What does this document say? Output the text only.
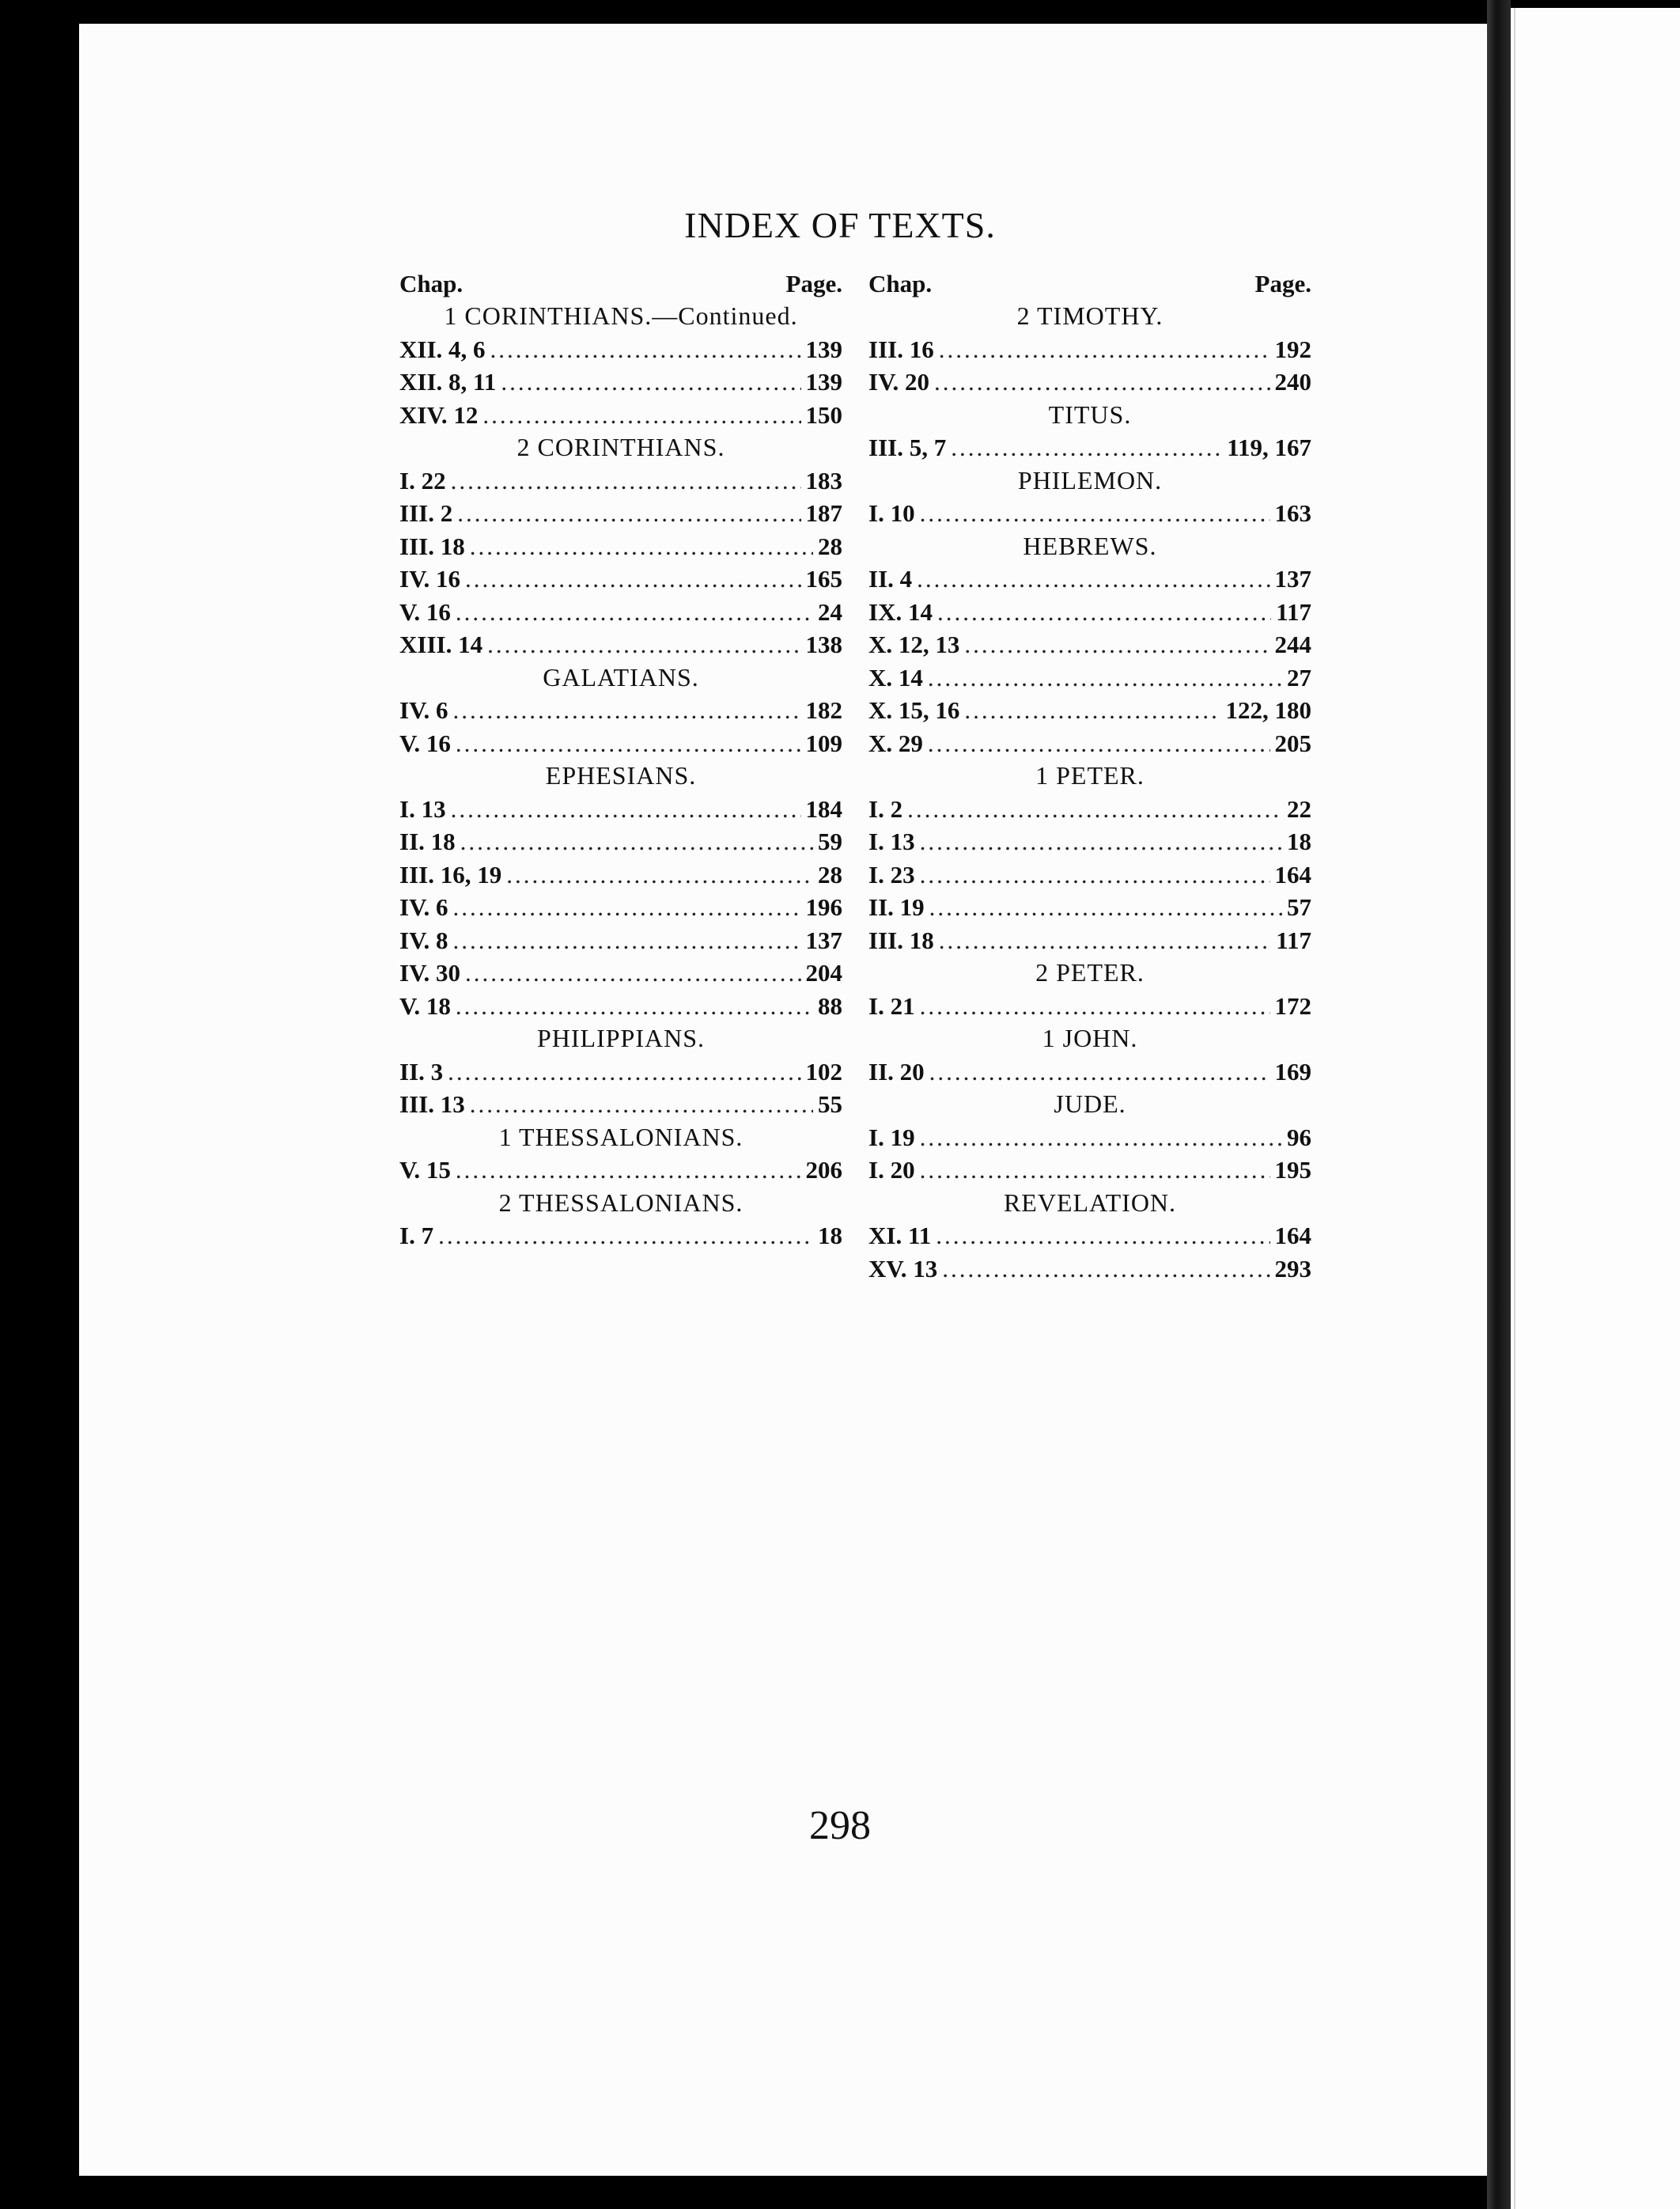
INDEX OF TEXTS.
Chap.	Page.
1 CORINTHIANS.—Continued.
XII. 4, 6 .....	139
XII. 8, 11 .....	139
XIV. 12 .....	150
2 CORINTHIANS.
I. 22 .....	183
III. 2 .....	187
III. 18 .....	28
IV. 16 .....	165
V. 16 .....	24
XIII. 14 .....	138
GALATIANS.
IV. 6 .....	182
V. 16 .....	109
EPHESIANS.
I. 13 .....	184
II. 18 .....	59
III. 16, 19 .....	28
IV. 6 .....	196
IV. 8 .....	137
IV. 30 .....	204
V. 18 .....	88
PHILIPPIANS.
II. 3 .....	102
III. 13 .....	55
1 THESSALONIANS.
V. 15 .....	206
2 THESSALONIANS.
I. 7 .....	18
Chap.	Page.
2 TIMOTHY.
III. 16 .....	192
IV. 20 .....	240
TITUS.
III. 5, 7 .....	119, 167
PHILEMON.
I. 10 .....	163
HEBREWS.
II. 4 .....	137
IX. 14 .....	117
X. 12, 13 .....	244
X. 14 .....	27
X. 15, 16 .....	122, 180
X. 29 .....	205
1 PETER.
I. 2 .....	22
I. 13 .....	18
I. 23 .....	164
II. 19 .....	57
III. 18 .....	117
2 PETER.
I. 21 .....	172
1 JOHN.
II. 20 .....	169
JUDE.
I. 19 .....	96
I. 20 .....	195
REVELATION.
XI. 11 .....	164
XV. 13 .....	293
298
